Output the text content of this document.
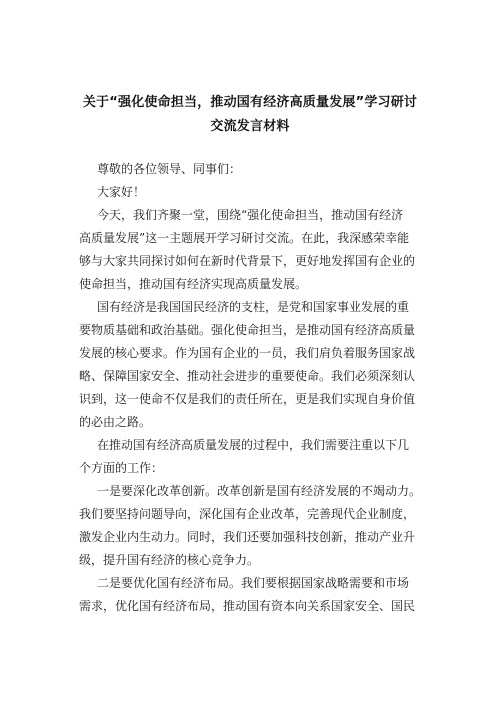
关于“强化使命担当，推动国有经济高质量发展”学习研讨
交流发言材料
尊敬的各位领导、同事们：
大家好！
今天，我们齐聚一堂，围绕“强化使命担当，推动国有经济
高质量发展”这一主题展开学习研讨交流。在此，我深感荣幸能
够与大家共同探讨如何在新时代背景下，更好地发挥国有企业的
使命担当，推动国有经济实现高质量发展。
国有经济是我国国民经济的支柱，是党和国家事业发展的重
要物质基础和政治基础。强化使命担当，是推动国有经济高质量
发展的核心要求。作为国有企业的一员，我们肩负着服务国家战
略、保障国家安全、推动社会进步的重要使命。我们必须深刻认
识到，这一使命不仅是我们的责任所在，更是我们实现自身价值
的必由之路。
在推动国有经济高质量发展的过程中，我们需要注重以下几
个方面的工作：
一是要深化改革创新。改革创新是国有经济发展的不竭动力。
我们要坚持问题导向，深化国有企业改革，完善现代企业制度，
激发企业内生动力。同时，我们还要加强科技创新，推动产业升
级，提升国有经济的核心竞争力。
二是要优化国有经济布局。我们要根据国家战略需要和市场
需求，优化国有经济布局，推动国有资本向关系国家安全、国民
